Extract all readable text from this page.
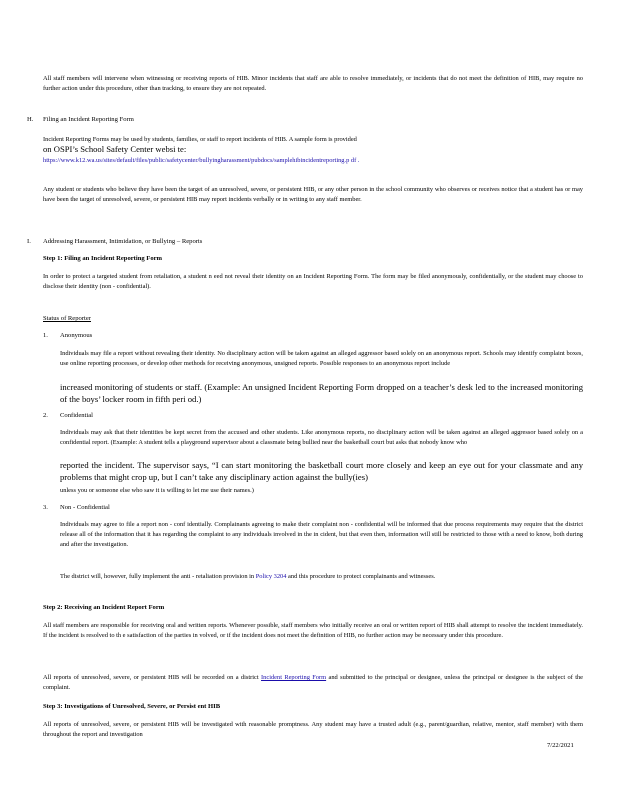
All staff members will intervene when witnessing or receiving reports of HIB. Minor incidents that staff are able to resolve immediately, or incidents that do not meet the definition of HIB, may require no further action under this procedure, other than tracking, to ensure they are not repeated.
H. Filing an Incident Reporting Form
Incident Reporting Forms may be used by students, families, or staff to report incidents of HIB. A sample form is provided
on OSPI’s School Safety Center websi te:
https://www.k12.wa.us/sites/default/files/public/safetycenter/bullyingharassment/pubdocs/samplehibincidentreporting.p df .
Any student or students who believe they have been the target of an unresolved, severe, or persistent HIB, or any other person in the school community who observes or receives notice that a student has or may have been the target of unresolved, severe, or persistent HIB may report incidents verbally or in writing to any staff member.
I. Addressing Harassment, Intimidation, or Bullying – Reports
Step 1: Filing an Incident Reporting Form
In order to protect a targeted student from retaliation, a student n eed not reveal their identity on an Incident Reporting Form. The form may be filed anonymously, confidentially, or the student may choose to disclose their identity (non - confidential).
Status of Reporter
1. Anonymous
Individuals may file a report without revealing their identity. No disciplinary action will be taken against an alleged aggressor based solely on an anonymous report. Schools may identify complaint boxes, use online reporting processes, or develop other methods for receiving anonymous, unsigned reports. Possible responses to an anonymous report include
increased monitoring of students or staff. (Example: An unsigned Incident Reporting Form dropped on a teacher’s desk led to the increased monitoring of the boys’ locker room in fifth peri od.)
2. Confidential
Individuals may ask that their identities be kept secret from the accused and other students. Like anonymous reports, no disciplinary action will be taken against an alleged aggressor based solely on a confidential report. (Example: A student tells a playground supervisor about a classmate being bullied near the basketball court but asks that nobody know who
reported the incident. The supervisor says, “I can start monitoring the basketball court more closely and keep an eye out for your classmate and any problems that might crop up, but I can’t take any disciplinary action against the bully(ies)
unless you or someone else who saw it is willing to let me use their names.)
3. Non - Confidential
Individuals may agree to file a report non - conf identially. Complainants agreeing to make their complaint non - confidential will be informed that due process requirements may require that the district release all of the information that it has regarding the complaint to any individuals involved in the in cident, but that even then, information will still be restricted to those with a need to know, both during and after the investigation.
The district will, however, fully implement the anti - retaliation provision in Policy 3204 and this procedure to protect complainants and witnesses.
Step 2: Receiving an Incident Report Form
All staff members are responsible for receiving oral and written reports. Whenever possible, staff members who initially receive an oral or written report of HIB shall attempt to resolve the incident immediately. If the incident is resolved to th e satisfaction of the parties in volved, or if the incident does not meet the definition of HIB, no further action may be necessary under this procedure.
All reports of unresolved, severe, or persistent HIB will be recorded on a district Incident Reporting Form and submitted to the principal or designee, unless the principal or designee is the subject of the complaint.
Step 3: Investigations of Unresolved, Severe, or Persist ent HIB
All reports of unresolved, severe, or persistent HIB will be investigated with reasonable promptness. Any student may have a trusted adult (e.g., parent/guardian, relative, mentor, staff member) with them throughout the report and investigation
7/22/2021
